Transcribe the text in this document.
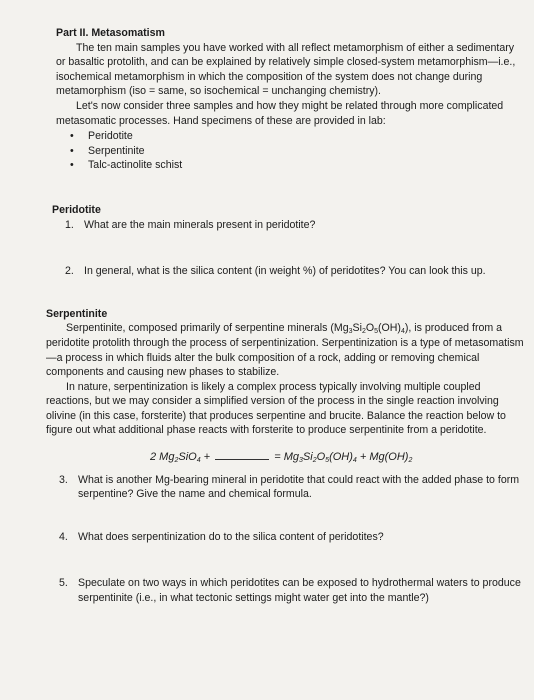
Part II. Metasomatism

The ten main samples you have worked with all reflect metamorphism of either a sedimentary or basaltic protolith, and can be explained by relatively simple closed-system metamorphism—i.e., isochemical metamorphism in which the composition of the system does not change during metamorphism (iso = same, so isochemical = unchanging chemistry).

Let's now consider three samples and how they might be related through more complicated metasomatic processes. Hand specimens of these are provided in lab:

• Peridotite
• Serpentinite
• Talc-actinolite schist

Peridotite

1. What are the main minerals present in peridotite?
2. In general, what is the silica content (in weight %) of peridotites? You can look this up.

Serpentinite

Serpentinite, composed primarily of serpentine minerals $(Mg_3Si_2O_5(OH)_4)$, is produced from a peridotite protolith through the process of serpentinization. Serpentinization is a type of metasomatism—a process in which fluids alter the bulk composition of a rock, adding or removing chemical components and causing new phases to stabilize.

In nature, serpentinization is likely a complex process typically involving multiple coupled reactions, but we may consider a simplified version of the process in the single reaction involving olivine (in this case, forsterite) that produces serpentine and brucite. Balance the reaction below to figure out what additional phase reacts with forsterite to produce serpentinite from a peridotite.

2 $Mg_2SiO_4$ +	= $Mg_3Si_2O_5(OH)_4 + Mg(OH)_2$

3. What is another Mg-bearing mineral in peridotite that could react with the added phase to form serpentine? Give the name and chemical formula.
4. What does serpentinization do to the silica content of peridotites?
5. Speculate on two ways in which peridotites can be exposed to hydrothermal waters to produce serpentinite (i.e., in what tectonic settings might water get into the mantle?)
